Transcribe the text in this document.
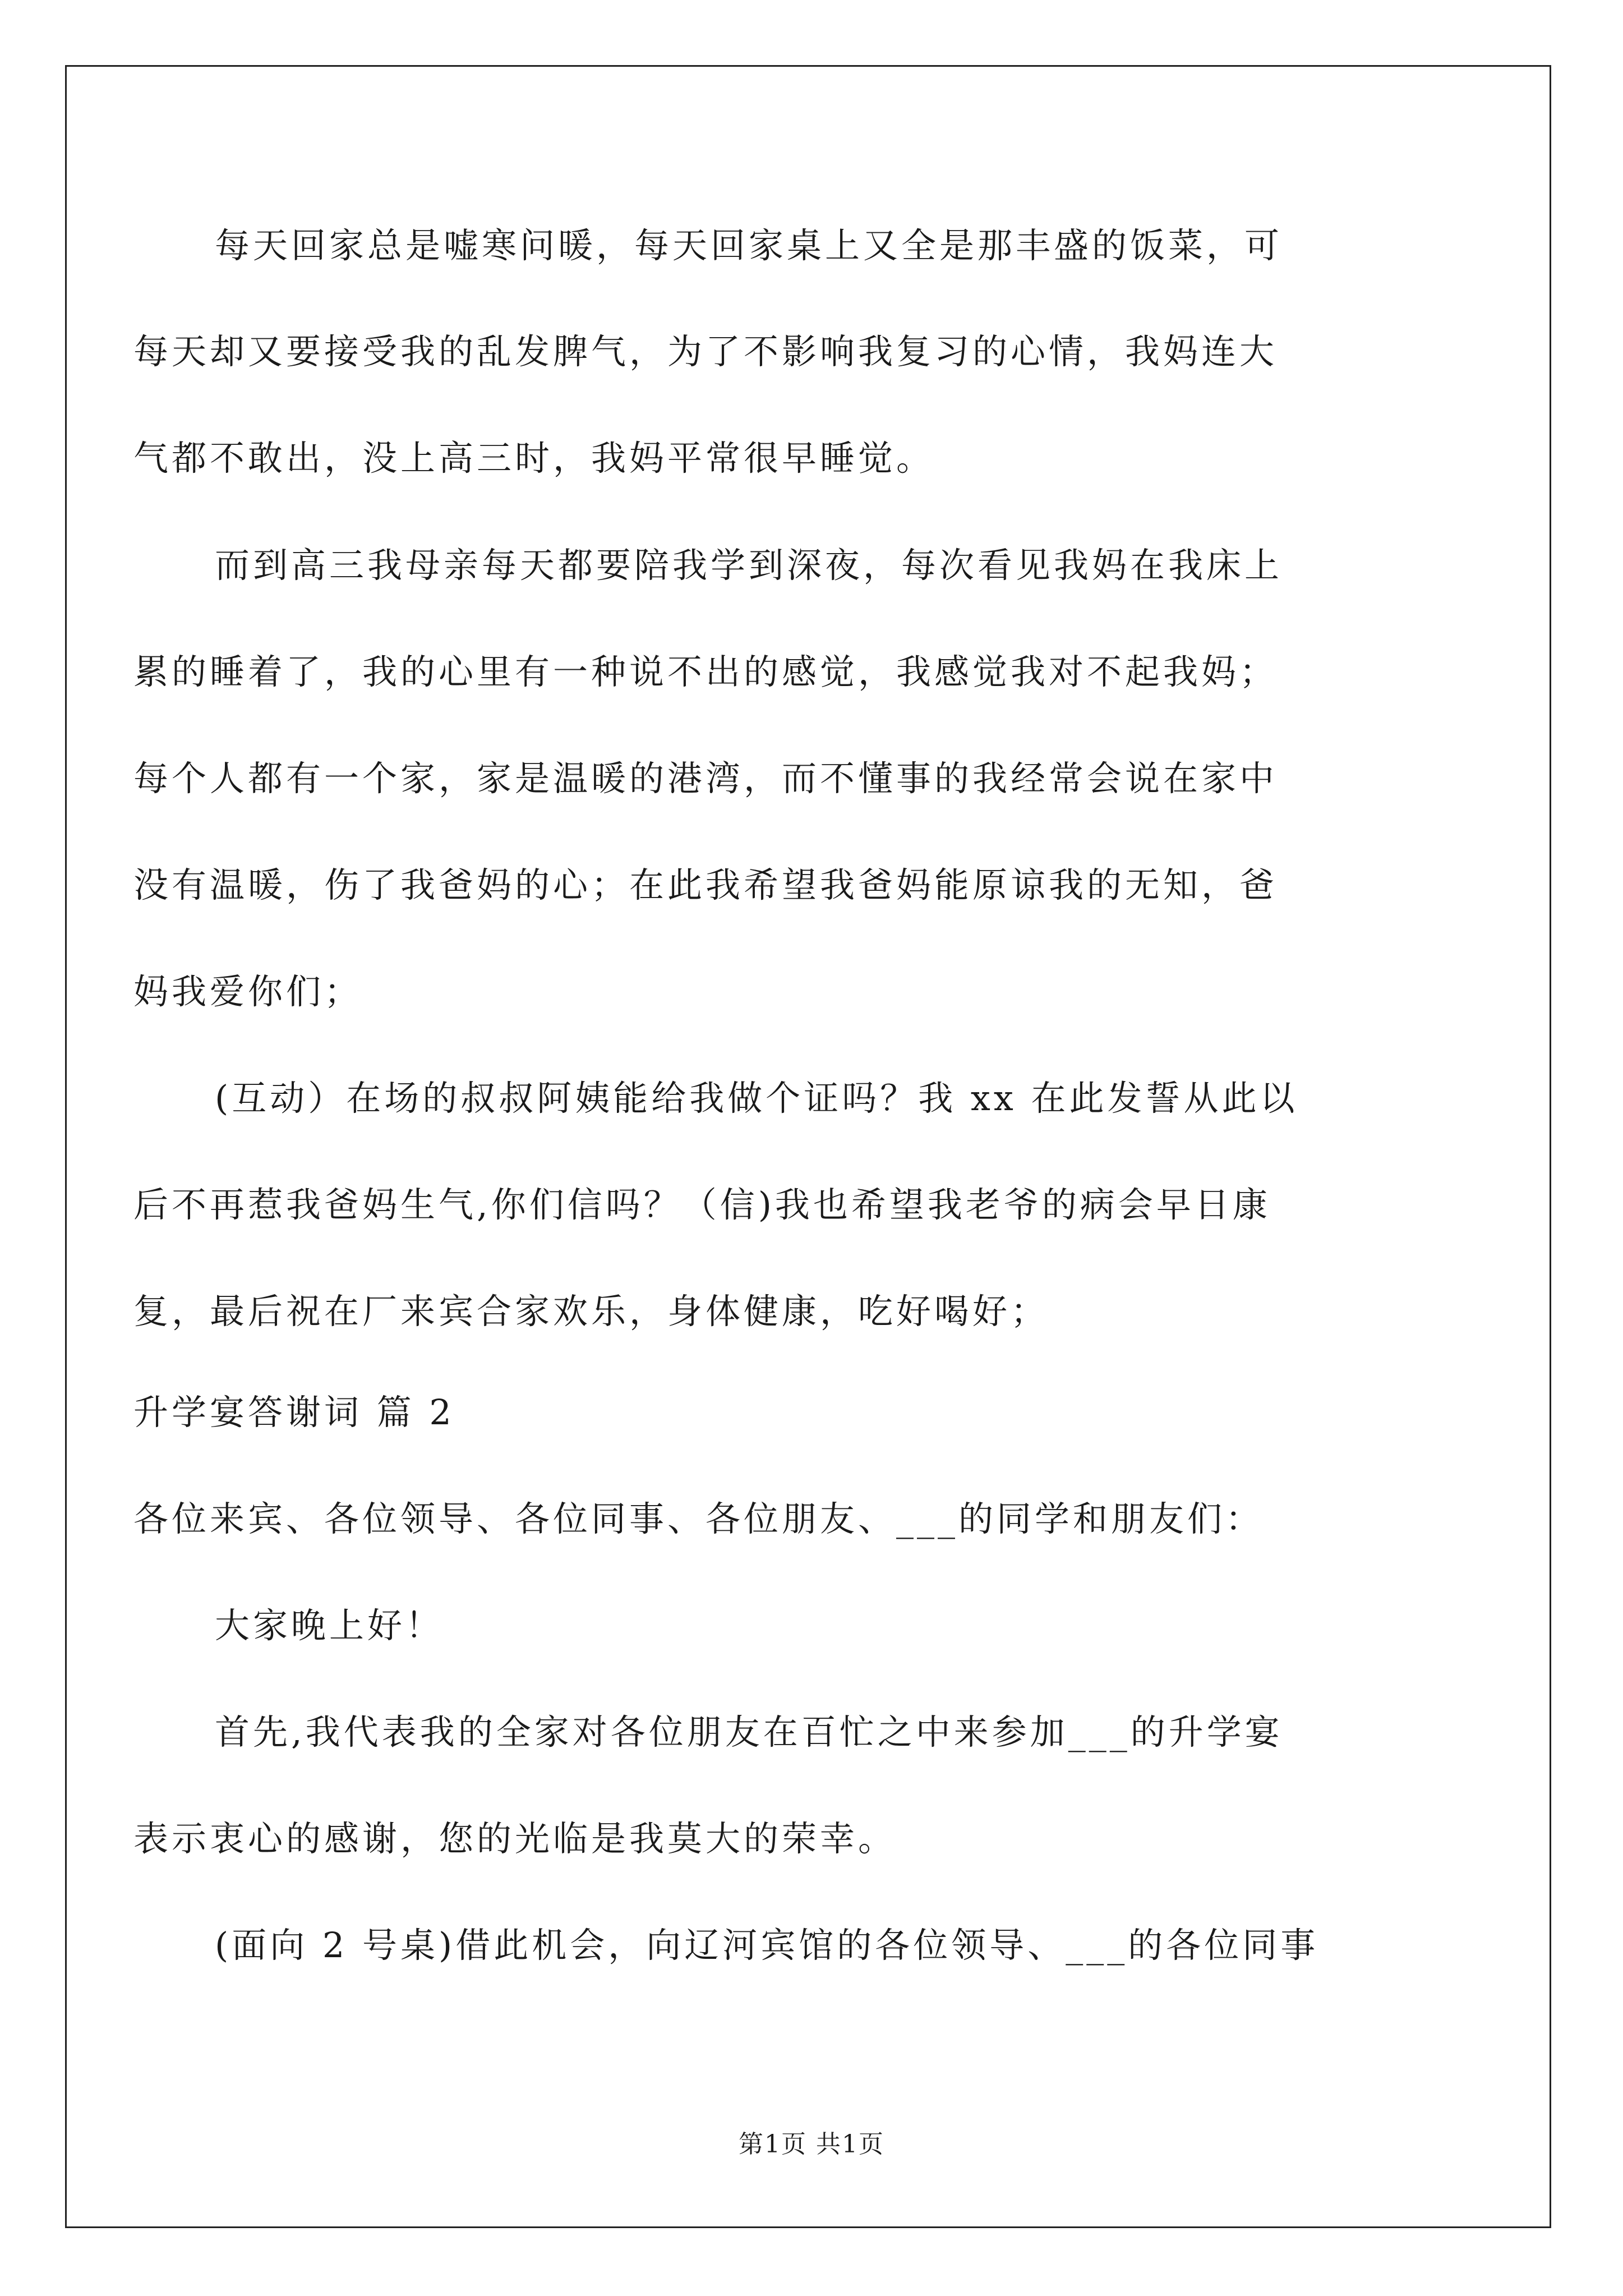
每天回家总是嘘寒问暖，每天回家桌上又全是那丰盛的饭菜，可
每天却又要接受我的乱发脾气，为了不影响我复习的心情，我妈连大
气都不敢出，没上高三时，我妈平常很早睡觉。
而到高三我母亲每天都要陪我学到深夜，每次看见我妈在我床上
累的睡着了，我的心里有一种说不出的感觉，我感觉我对不起我妈；
每个人都有一个家，家是温暖的港湾，而不懂事的我经常会说在家中
没有温暖，伤了我爸妈的心；在此我希望我爸妈能原谅我的无知，爸
妈我爱你们；
(互动）在场的叔叔阿姨能给我做个证吗？我 xx 在此发誓从此以
后不再惹我爸妈生气,你们信吗？（信)我也希望我老爷的病会早日康
复，最后祝在厂来宾合家欢乐，身体健康，吃好喝好；
升学宴答谢词 篇 2
各位来宾、各位领导、各位同事、各位朋友、___的同学和朋友们：
大家晚上好！
首先,我代表我的全家对各位朋友在百忙之中来参加___的升学宴
表示衷心的感谢，您的光临是我莫大的荣幸。
(面向 2 号桌)借此机会，向辽河宾馆的各位领导、___的各位同事
第1页 共1页
